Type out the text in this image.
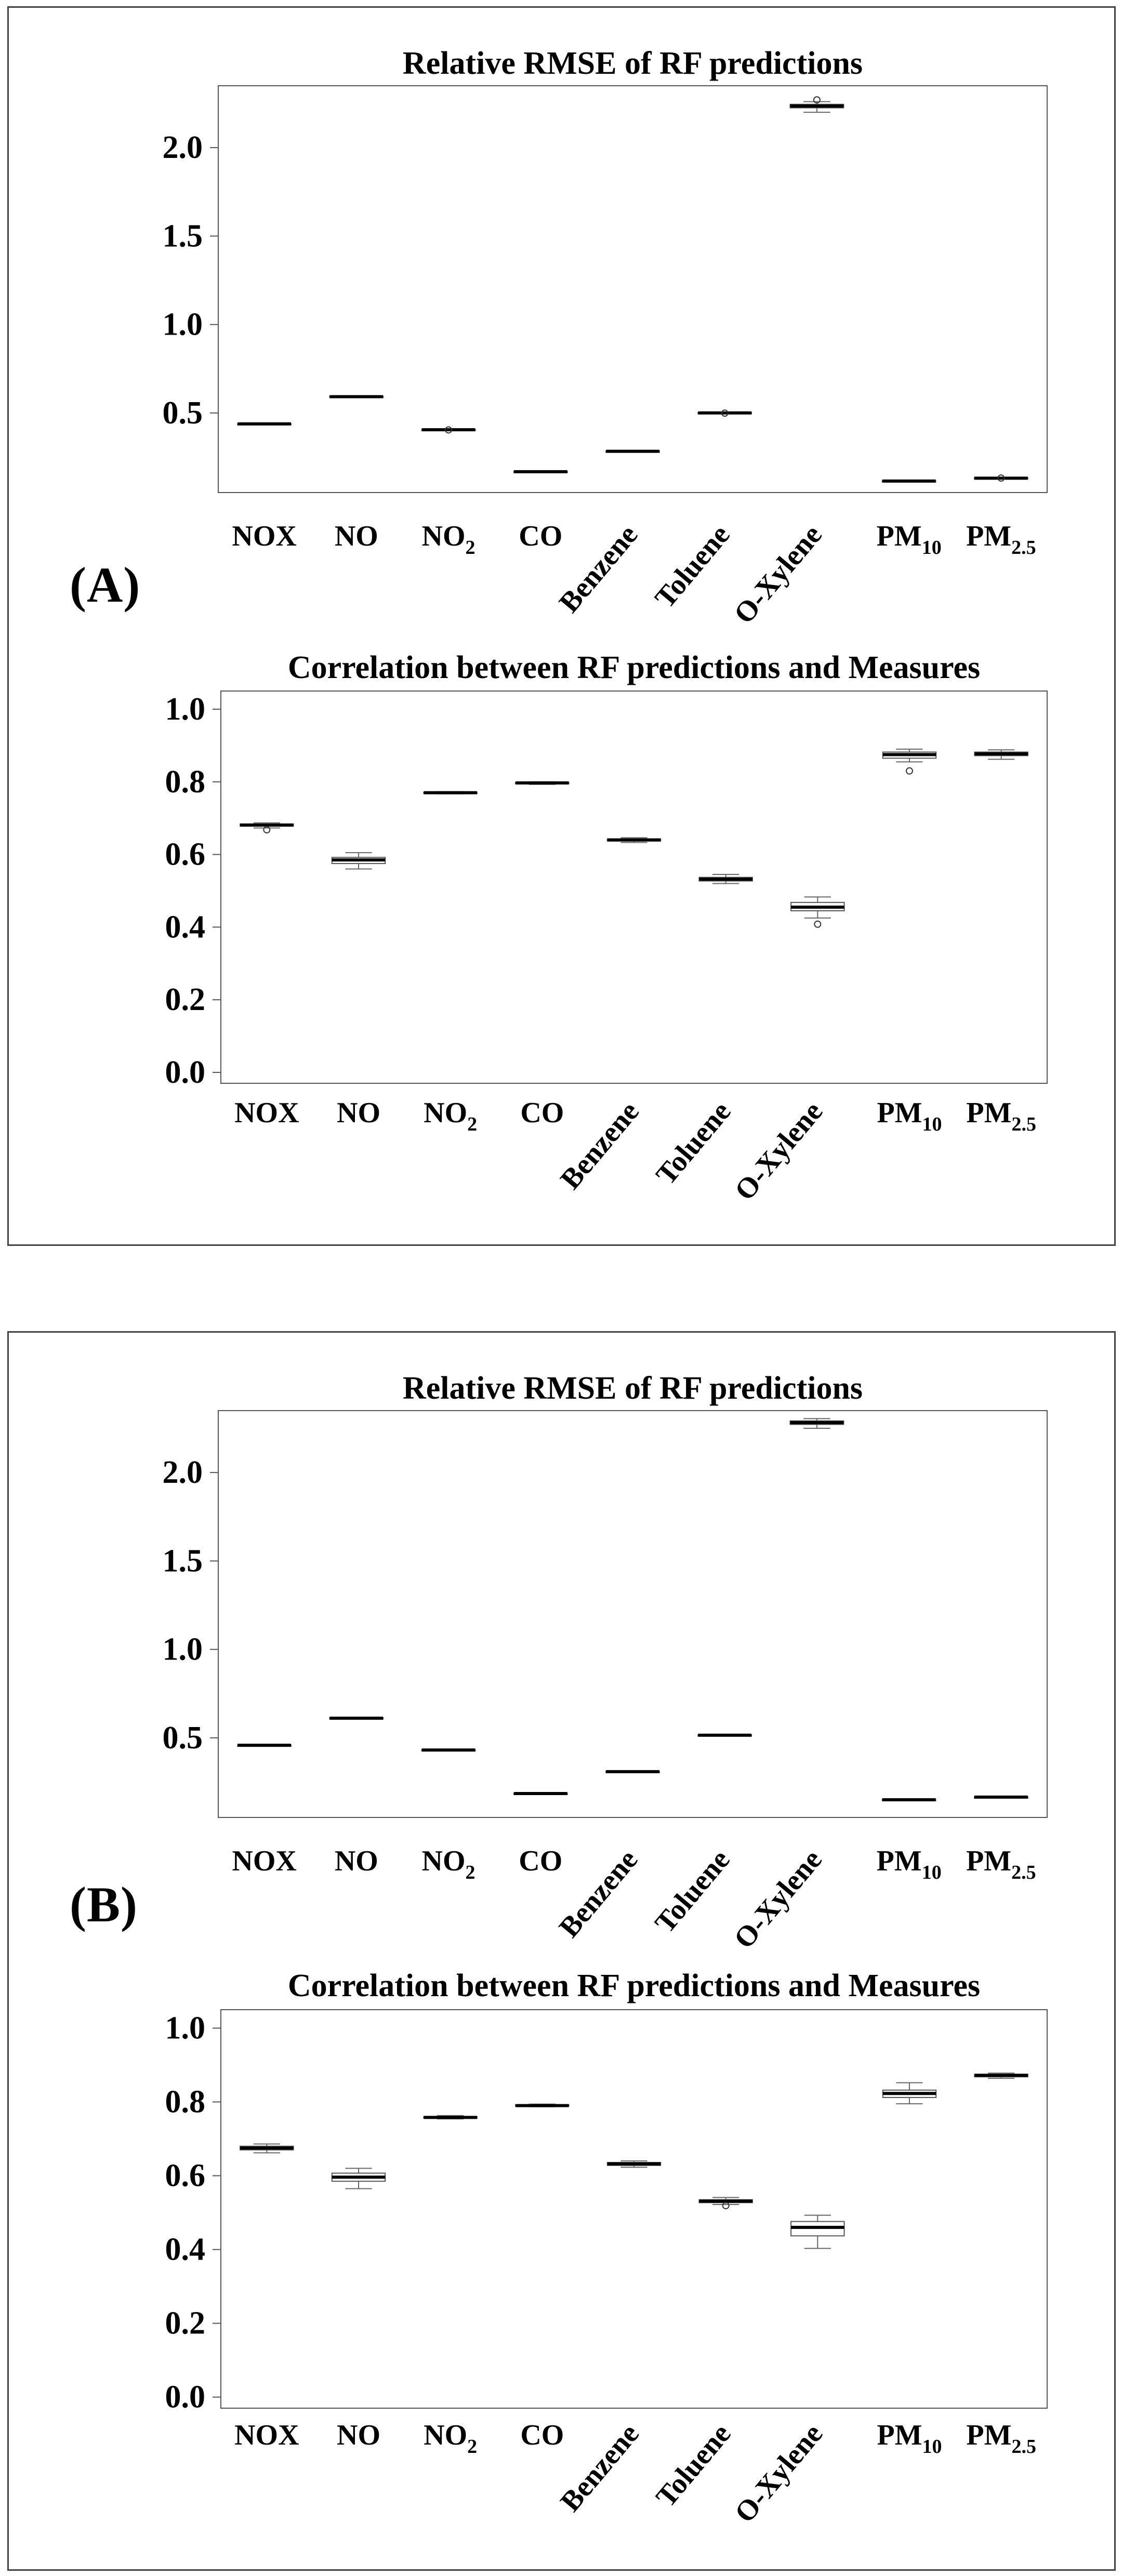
(A)
(B)
Relative RMSE of RF predictions
0.5
1.0
1.5
2.0
NOX NO $NO_2$ CO
Benzene Toluene
O-Xylene $PM_{10}$ $PM_{2.5}$
Correlation between RF predictions and Measures
0.0
0.2
0.4
0.6
0.8
1.0
NOX NO $NO_2$ CO
Benzene Toluene
O-Xylene $PM_{10}$ $PM_{2.5}$
Relative RMSE of RF predictions
0.5
1.0
1.5
2.0
NOX NO $NO_2$ CO
Benzene Toluene
O-Xylene $PM_{10}$ $PM_{2.5}$
Correlation between RF predictions and Measures
0.0
0.2
0.4
0.6
0.8
1.0
NOX NO $NO_2$ CO
Benzene Toluene
O-Xylene $PM_{10}$ $PM_{2.5}$
